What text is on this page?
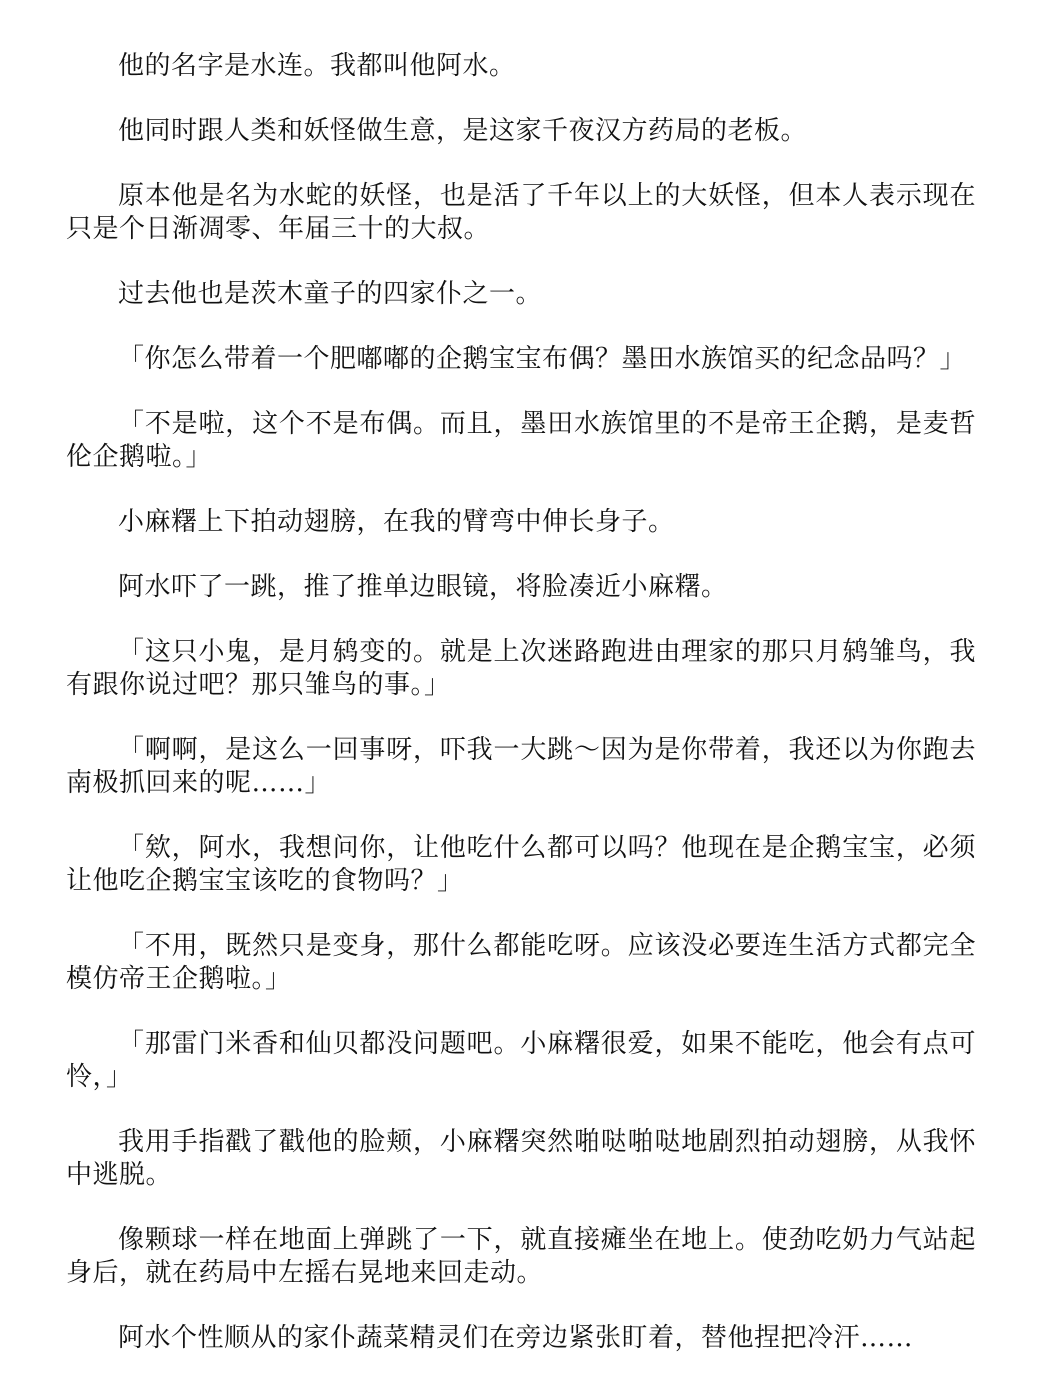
他的名字是水连。我都叫他阿水。

他同时跟人类和妖怪做生意，是这家千夜汉方药局的老板。

原本他是名为水蛇的妖怪，也是活了千年以上的大妖怪，但本人表示现在只是个日渐凋零、年届三十的大叔。

过去他也是茨木童子的四家仆之一。

「你怎么带着一个肥嘟嘟的企鹅宝宝布偶？墨田水族馆买的纪念品吗？」

「不是啦，这个不是布偶。而且，墨田水族馆里的不是帝王企鹅，是麦哲伦企鹅啦。」

小麻糬上下拍动翅膀，在我的臂弯中伸长身子。

阿水吓了一跳，推了推单边眼镜，将脸凑近小麻糬。

「这只小鬼，是月鸫变的。就是上次迷路跑进由理家的那只月鸫雏鸟，我有跟你说过吧？那只雏鸟的事。」

「啊啊，是这么一回事呀，吓我一大跳～因为是你带着，我还以为你跑去南极抓回来的呢……」

「欸，阿水，我想问你，让他吃什么都可以吗？他现在是企鹅宝宝，必须让他吃企鹅宝宝该吃的食物吗？」

「不用，既然只是变身，那什么都能吃呀。应该没必要连生活方式都完全模仿帝王企鹅啦。」

「那雷门米香和仙贝都没问题吧。小麻糬很爱，如果不能吃，他会有点可怜，」

我用手指戳了戳他的脸颊，小麻糬突然啪哒啪哒地剧烈拍动翅膀，从我怀中逃脱。

像颗球一样在地面上弹跳了一下，就直接瘫坐在地上。使劲吃奶力气站起身后，就在药局中左摇右晃地来回走动。

阿水个性顺从的家仆蔬菜精灵们在旁边紧张盯着，替他捏把冷汗……
